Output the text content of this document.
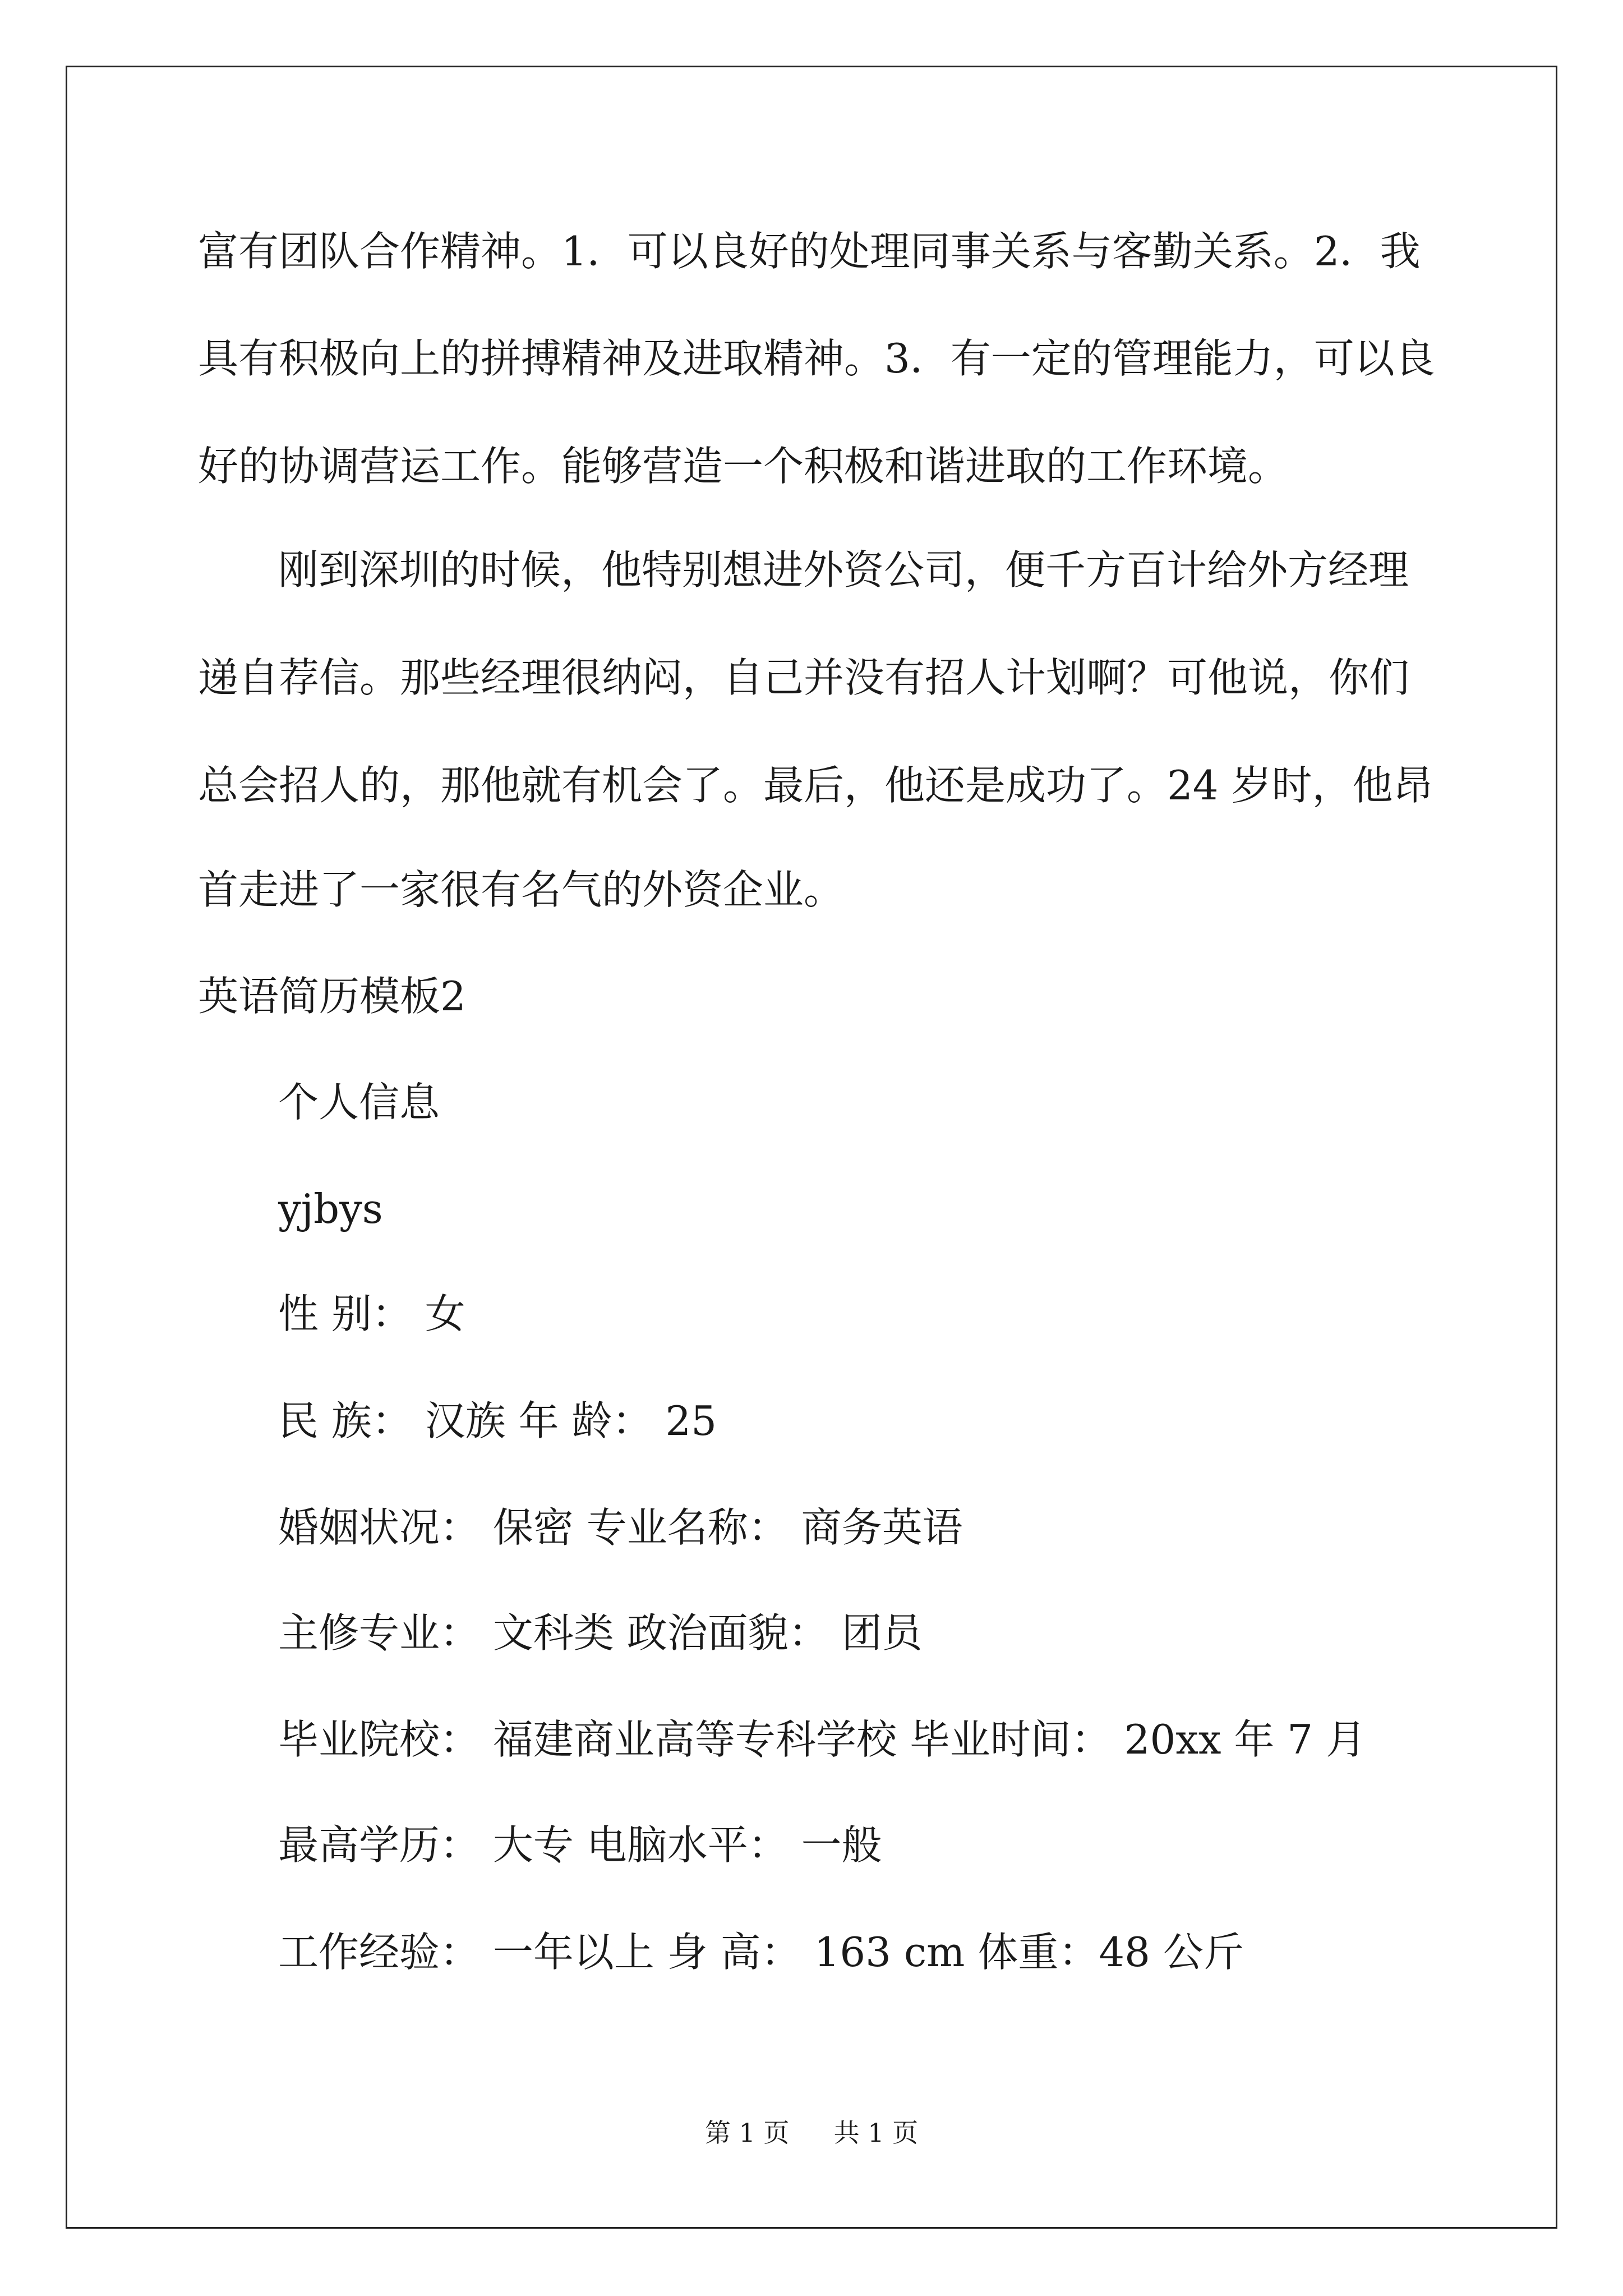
富有团队合作精神。1．可以良好的处理同事关系与客勤关系。2．我
具有积极向上的拼搏精神及进取精神。3．有一定的管理能力，可以良
好的协调营运工作。能够营造一个积极和谐进取的工作环境。
刚到深圳的时候，他特别想进外资公司，便千方百计给外方经理
递自荐信。那些经理很纳闷，自己并没有招人计划啊？可他说，你们
总会招人的，那他就有机会了。最后，他还是成功了。24 岁时，他昂
首走进了一家很有名气的外资企业。
英语简历模板2
个人信息
yjbys
性 别： 女
民 族： 汉族 年 龄： 25
婚姻状况： 保密 专业名称： 商务英语
主修专业： 文科类 政治面貌： 团员
毕业院校： 福建商业高等专科学校 毕业时间： 20xx 年 7 月
最高学历： 大专 电脑水平： 一般
工作经验： 一年以上 身 高： 163 cm 体重：48 公斤
第 1 页 共 1 页
